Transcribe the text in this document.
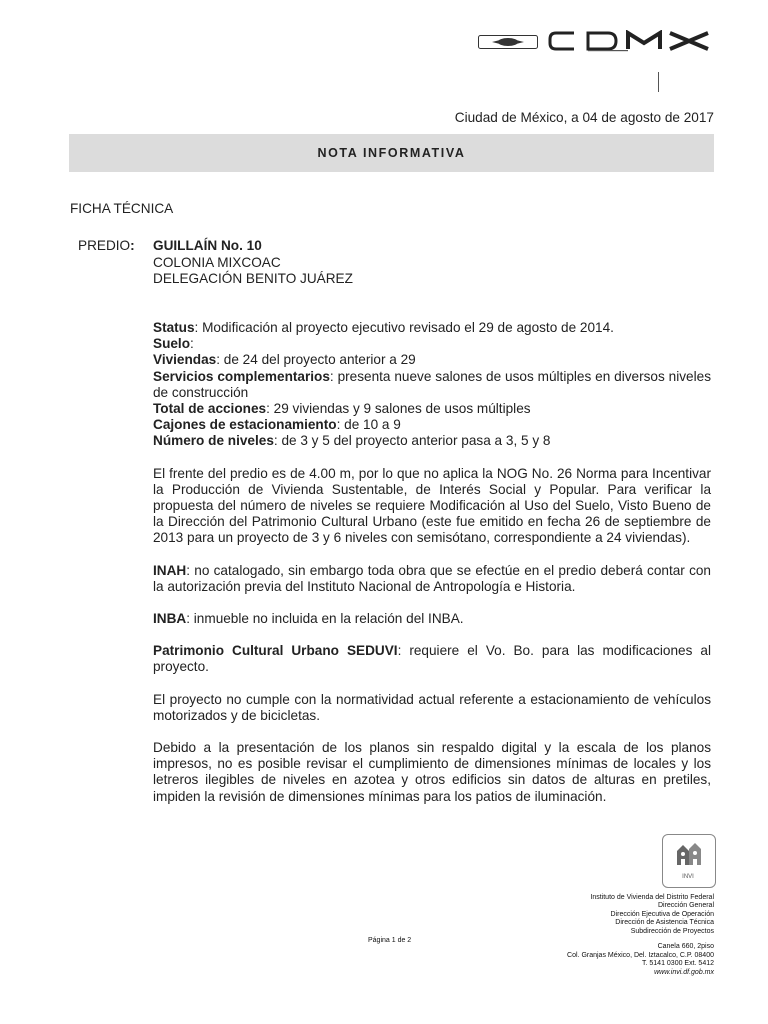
Ciudad de México, a 04 de agosto de 2017
NOTA INFORMATIVA
FICHA TÉCNICA
PREDIO: GUILLAÍN No. 10
COLONIA MIXCOAC
DELEGACIÓN BENITO JUÁREZ

Status: Modificación al proyecto ejecutivo revisado el 29 de agosto de 2014.

Suelo:

Viviendas: de 24 del proyecto anterior a 29

Servicios complementarios: presenta nueve salones de usos múltiples en diversos niveles de construcción

Total de acciones: 29 viviendas y 9 salones de usos múltiples

Cajones de estacionamiento: de 10 a 9

Número de niveles: de 3 y 5 del proyecto anterior pasa a 3, 5 y 8

El frente del predio es de 4.00 m, por lo que no aplica la NOG No. 26 Norma para Incentivar la Producción de Vivienda Sustentable, de Interés Social y Popular. Para verificar la propuesta del número de niveles se requiere Modificación al Uso del Suelo, Visto Bueno de la Dirección del Patrimonio Cultural Urbano (este fue emitido en fecha 26 de septiembre de 2013 para un proyecto de 3 y 6 niveles con semisótano, correspondiente a 24 viviendas).

INAH: no catalogado, sin embargo toda obra que se efectúe en el predio deberá contar con la autorización previa del Instituto Nacional de Antropología e Historia.

INBA: inmueble no incluida en la relación del INBA.

Patrimonio Cultural Urbano SEDUVI: requiere el Vo. Bo. para las modificaciones al proyecto.

El proyecto no cumple con la normatividad actual referente a estacionamiento de vehículos motorizados y de bicicletas.

Debido a la presentación de los planos sin respaldo digital y la escala de los planos impresos, no es posible revisar el cumplimiento de dimensiones mínimas de locales y los letreros ilegibles de niveles en azotea y otros edificios sin datos de alturas en pretiles, impiden la revisión de dimensiones mínimas para los patios de iluminación.

INVI
Instituto de Vivienda del Distrito Federal
Dirección General
Dirección Ejecutiva de Operación
Dirección de Asistencia Técnica
Subdirección de Proyectos
Página 1 de 2
Canela 660, 2piso
Col. Granjas México, Del. Iztacalco, C.P. 08400
T. 5141 0300 Ext. 5412
www.invi.df.gob.mx
